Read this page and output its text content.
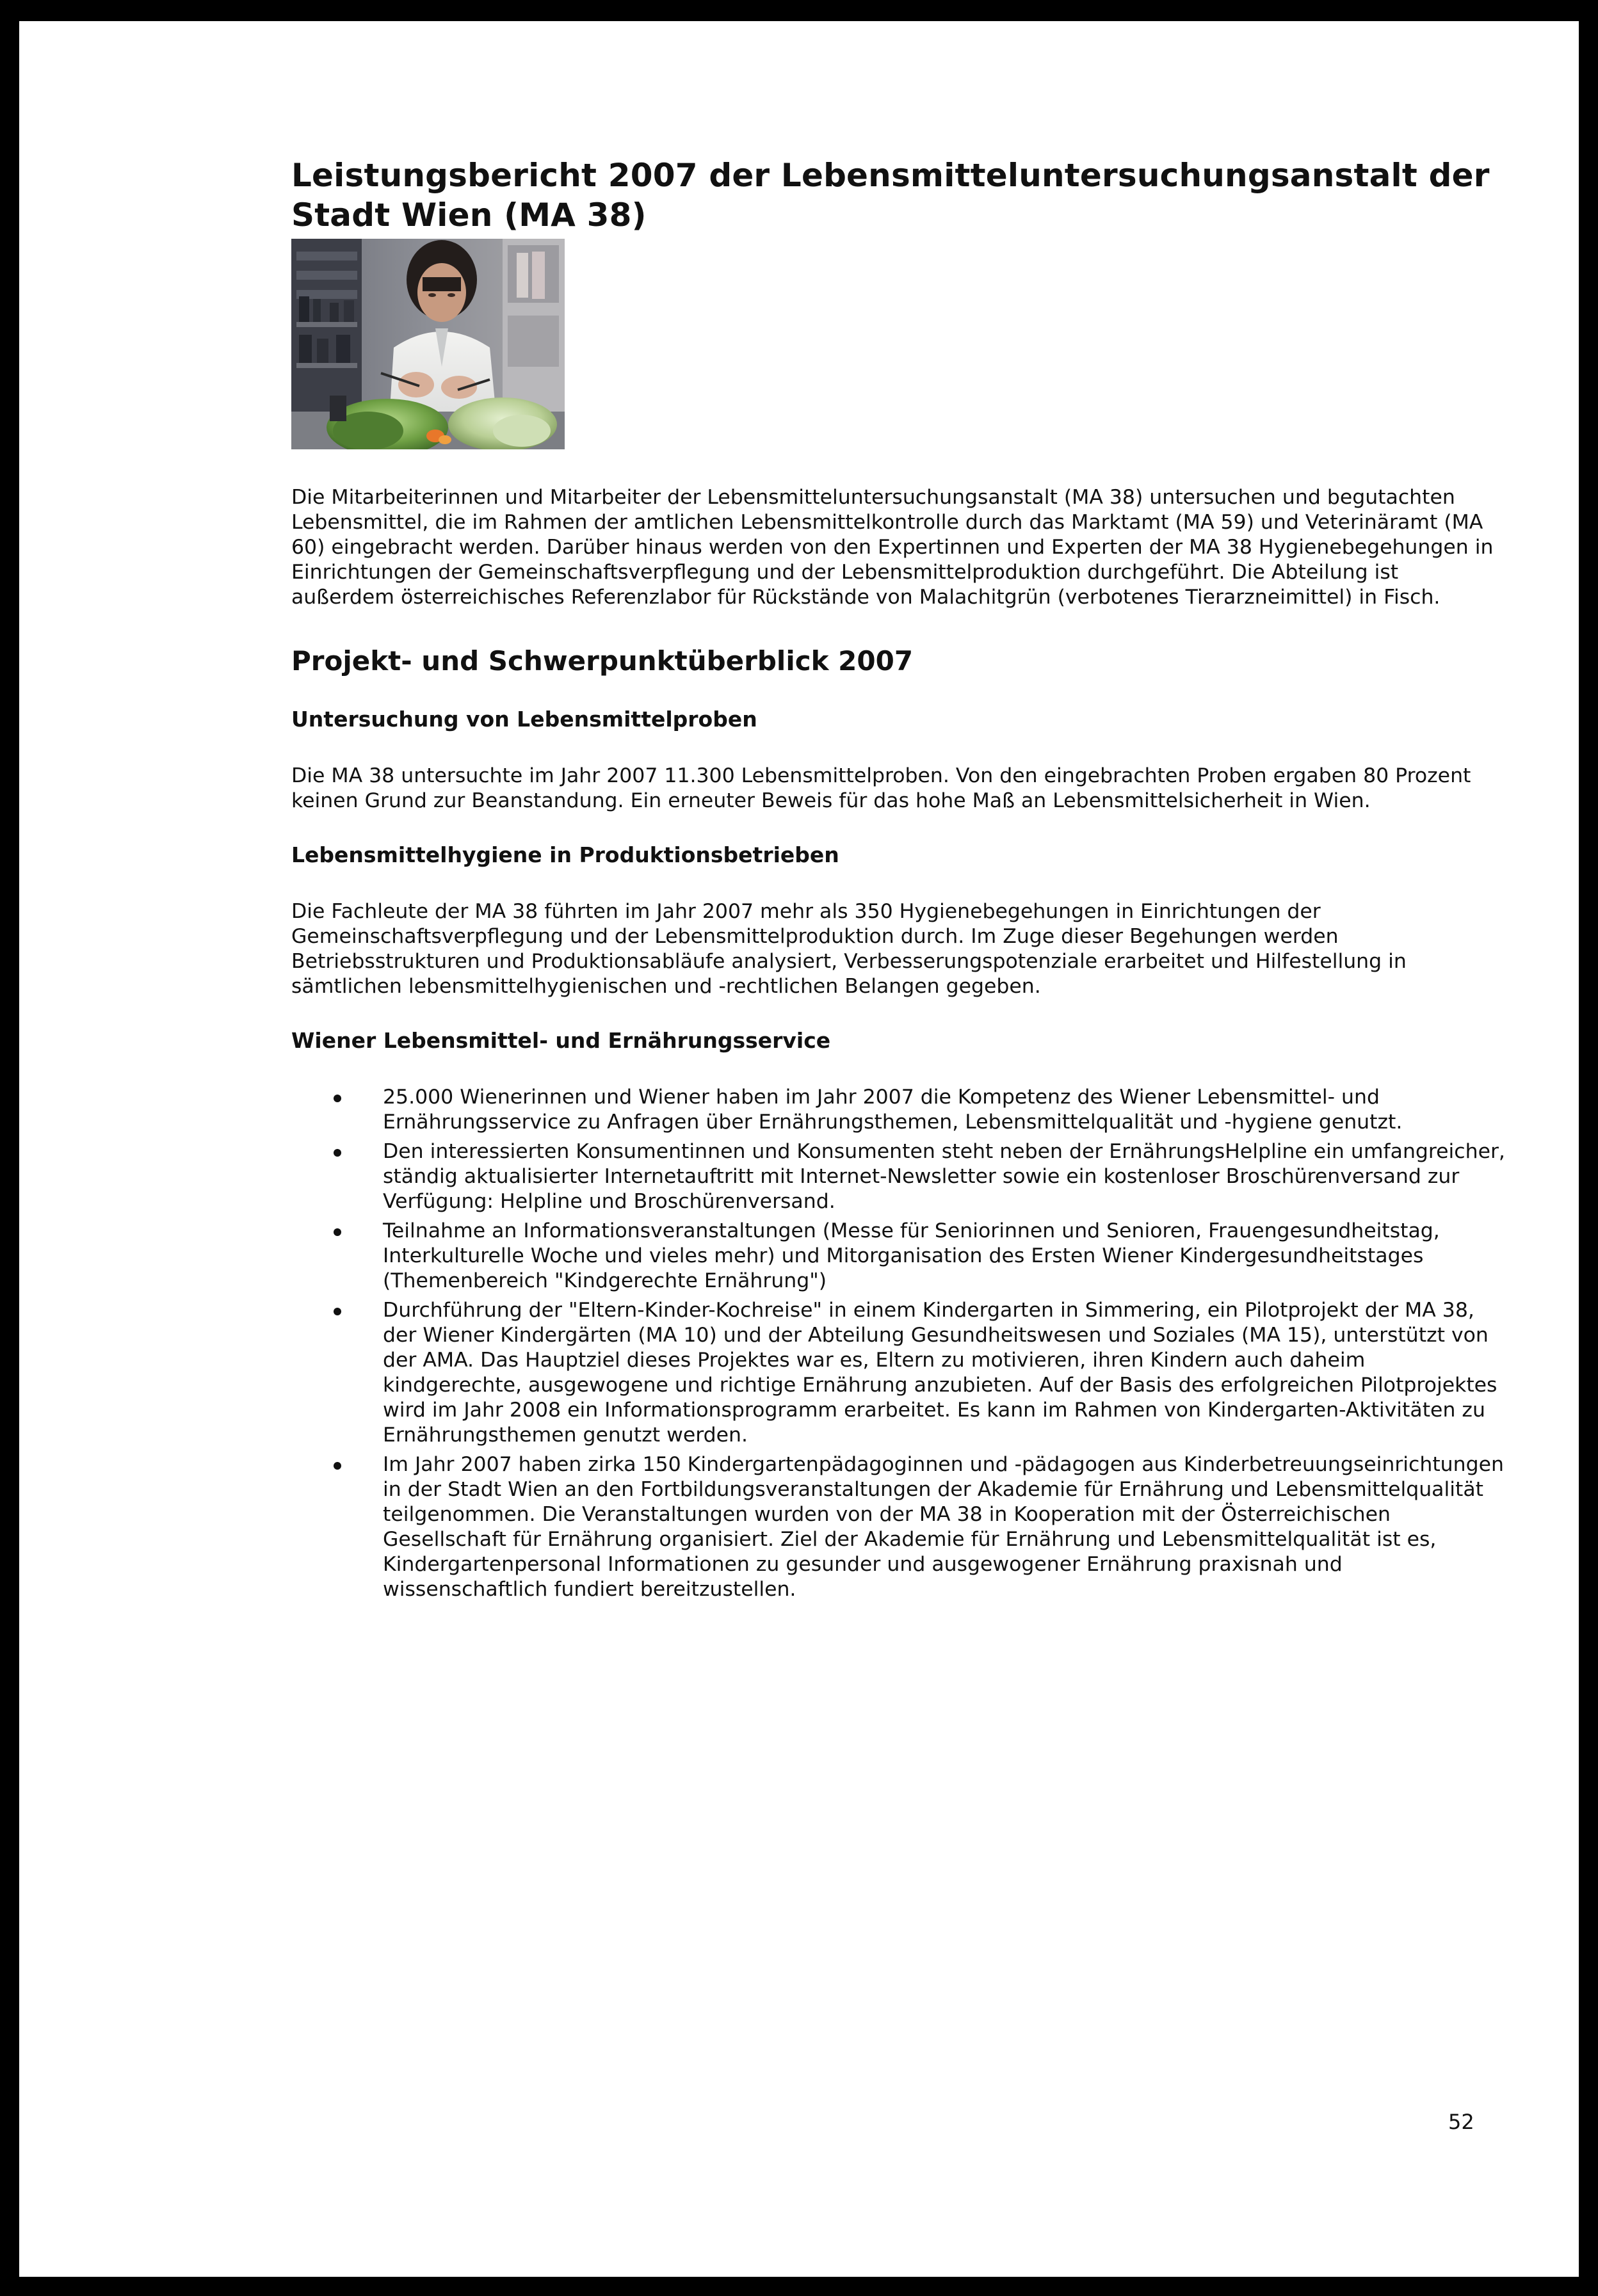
Leistungsbericht 2007 der Lebensmitteluntersuchungsanstalt der Stadt Wien (MA 38)

Die Mitarbeiterinnen und Mitarbeiter der Lebensmitteluntersuchungsanstalt (MA 38) untersuchen und begutachten Lebensmittel, die im Rahmen der amtlichen Lebensmittelkontrolle durch das Marktamt (MA 59) und Veterinäramt (MA 60) eingebracht werden. Darüber hinaus werden von den Expertinnen und Experten der MA 38 Hygienebegehungen in Einrichtungen der Gemeinschaftsverpflegung und der Lebensmittelproduktion durchgeführt. Die Abteilung ist außerdem österreichisches Referenzlabor für Rückstände von Malachitgrün (verbotenes Tierarzneimittel) in Fisch.

Projekt- und Schwerpunktüberblick 2007
Untersuchung von Lebensmittelproben

Die MA 38 untersuchte im Jahr 2007 11.300 Lebensmittelproben. Von den eingebrachten Proben ergaben 80 Prozent keinen Grund zur Beanstandung. Ein erneuter Beweis für das hohe Maß an Lebensmittelsicherheit in Wien.

Lebensmittelhygiene in Produktionsbetrieben

Die Fachleute der MA 38 führten im Jahr 2007 mehr als 350 Hygienebegehungen in Einrichtungen der Gemeinschaftsverpflegung und der Lebensmittelproduktion durch. Im Zuge dieser Begehungen werden Betriebsstrukturen und Produktionsabläufe analysiert, Verbesserungspotenziale erarbeitet und Hilfestellung in sämtlichen lebensmittelhygienischen und -rechtlichen Belangen gegeben.

Wiener Lebensmittel- und Ernährungsservice
25.000 Wienerinnen und Wiener haben im Jahr 2007 die Kompetenz des Wiener Lebensmittel- und Ernährungsservice zu Anfragen über Ernährungsthemen, Lebensmittelqualität und -hygiene genutzt.
Den interessierten Konsumentinnen und Konsumenten steht neben der ErnährungsHelpline ein umfangreicher, ständig aktualisierter Internetauftritt mit Internet-Newsletter sowie ein kostenloser Broschürenversand zur Verfügung: Helpline und Broschürenversand.
Teilnahme an Informationsveranstaltungen (Messe für Seniorinnen und Senioren, Frauengesundheitstag, Interkulturelle Woche und vieles mehr) und Mitorganisation des Ersten Wiener Kindergesundheitstages (Themenbereich "Kindgerechte Ernährung")
Durchführung der "Eltern-Kinder-Kochreise" in einem Kindergarten in Simmering, ein Pilotprojekt der MA 38, der Wiener Kindergärten (MA 10) und der Abteilung Gesundheitswesen und Soziales (MA 15), unterstützt von der AMA. Das Hauptziel dieses Projektes war es, Eltern zu motivieren, ihren Kindern auch daheim kindgerechte, ausgewogene und richtige Ernährung anzubieten. Auf der Basis des erfolgreichen Pilotprojektes wird im Jahr 2008 ein Informationsprogramm erarbeitet. Es kann im Rahmen von Kindergarten-Aktivitäten zu Ernährungsthemen genutzt werden.
Im Jahr 2007 haben zirka 150 Kindergartenpädagoginnen und -pädagogen aus Kinderbetreuungseinrichtungen in der Stadt Wien an den Fortbildungsveranstaltungen der Akademie für Ernährung und Lebensmittelqualität teilgenommen. Die Veranstaltungen wurden von der MA 38 in Kooperation mit der Österreichischen Gesellschaft für Ernährung organisiert. Ziel der Akademie für Ernährung und Lebensmittelqualität ist es, Kindergartenpersonal Informationen zu gesunder und ausgewogener Ernährung praxisnah und wissenschaftlich fundiert bereitzustellen.
52
